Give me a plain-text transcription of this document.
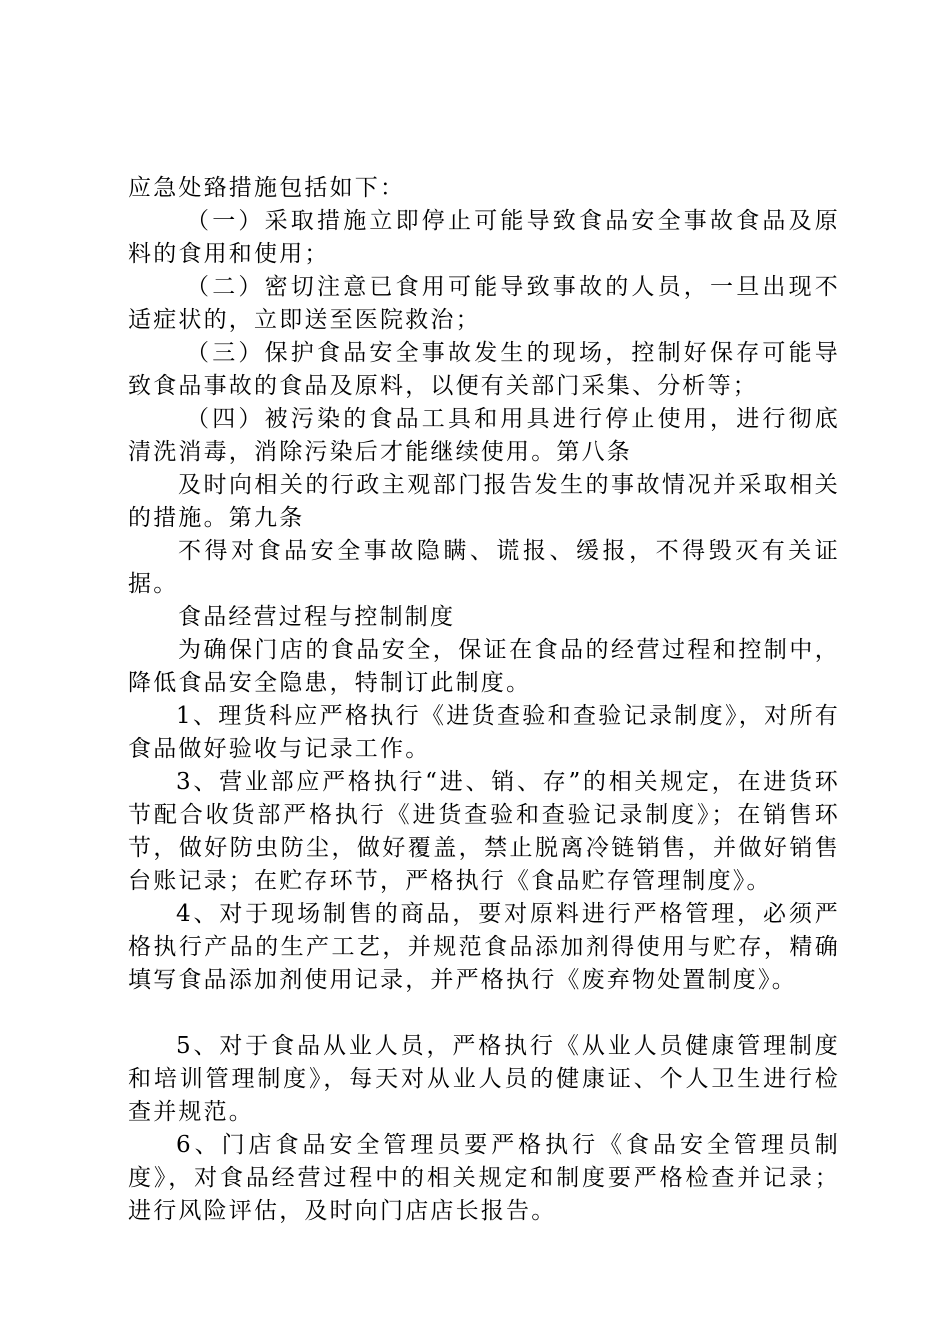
应急处臵措施包括如下：

（一）采取措施立即停止可能导致食品安全事故食品及原料的食用和使用；

（二）密切注意已食用可能导致事故的人员，一旦出现不适症状的，立即送至医院救治；

（三）保护食品安全事故发生的现场，控制好保存可能导致食品事故的食品及原料，以便有关部门采集、分析等；

（四）被污染的食品工具和用具进行停止使用，进行彻底清洗消毒，消除污染后才能继续使用。第八条

及时向相关的行政主观部门报告发生的事故情况并采取相关的措施。第九条

不得对食品安全事故隐瞒、谎报、缓报，不得毁灭有关证据。

食品经营过程与控制制度

为确保门店的食品安全，保证在食品的经营过程和控制中，降低食品安全隐患，特制订此制度。

1、理货科应严格执行《进货查验和查验记录制度》，对所有食品做好验收与记录工作。

3、营业部应严格执行“进、销、存”的相关规定，在进货环节配合收货部严格执行《进货查验和查验记录制度》；在销售环节，做好防虫防尘，做好覆盖，禁止脱离冷链销售，并做好销售台账记录；在贮存环节，严格执行《食品贮存管理制度》。

4、对于现场制售的商品，要对原料进行严格管理，必须严格执行产品的生产工艺，并规范食品添加剂得使用与贮存，精确填写食品添加剂使用记录，并严格执行《废弃物处置制度》。

5、对于食品从业人员，严格执行《从业人员健康管理制度和培训管理制度》，每天对从业人员的健康证、个人卫生进行检查并规范。

6、门店食品安全管理员要严格执行《食品安全管理员制度》，对食品经营过程中的相关规定和制度要严格检查并记录；进行风险评估，及时向门店店长报告。
